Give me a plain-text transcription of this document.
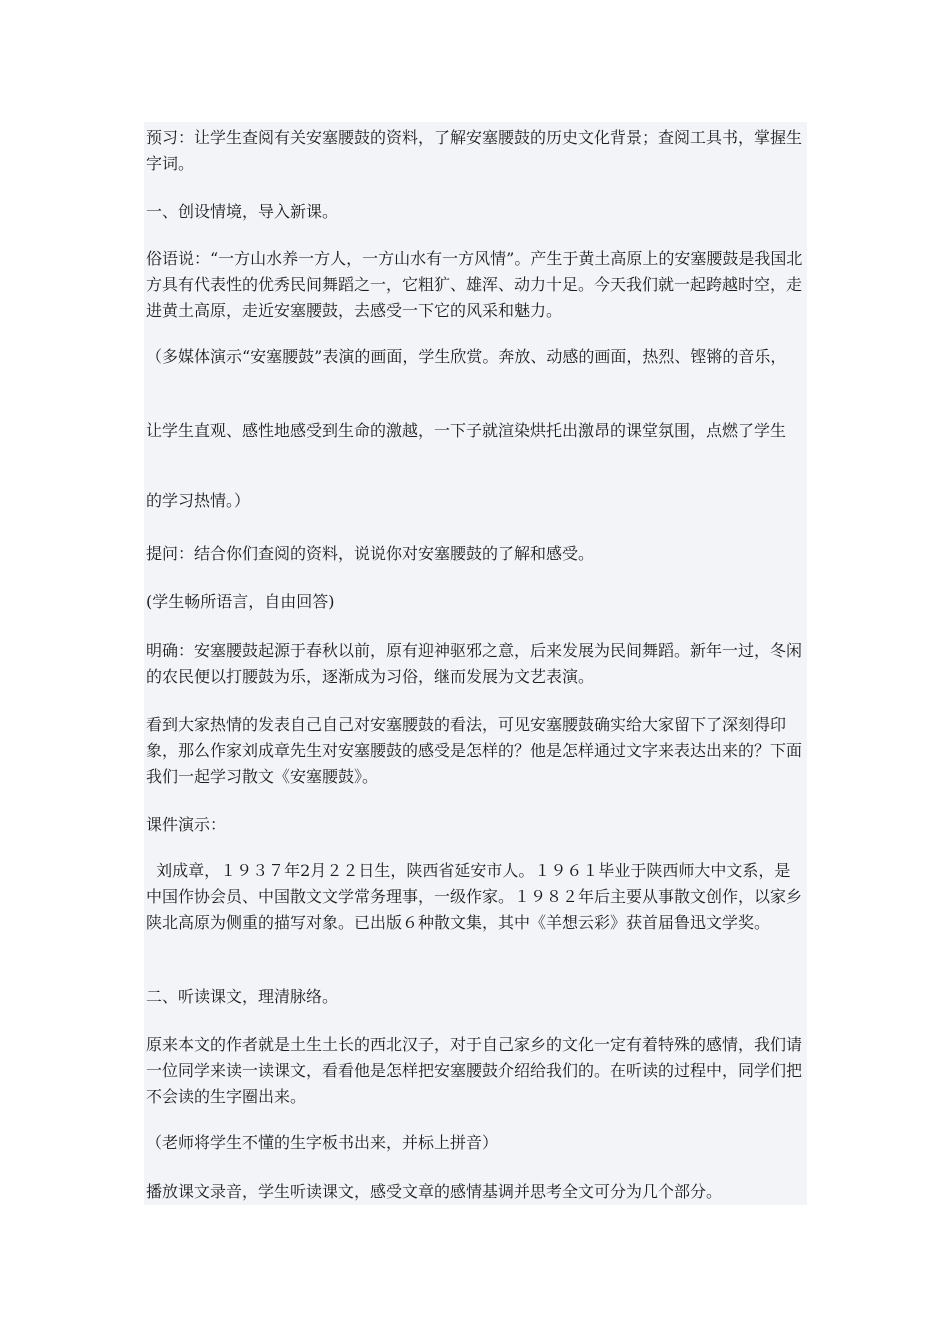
预习：让学生查阅有关安塞腰鼓的资料，了解安塞腰鼓的历史文化背景；查阅工具书，掌握生字词。

一、创设情境，导入新课。

俗语说：“一方山水养一方人，一方山水有一方风情”。产生于黄土高原上的安塞腰鼓是我国北方具有代表性的优秀民间舞蹈之一，它粗犷、雄浑、动力十足。今天我们就一起跨越时空，走进黄土高原，走近安塞腰鼓，去感受一下它的风采和魅力。

（多媒体演示“安塞腰鼓”表演的画面，学生欣赏。奔放、动感的画面，热烈、铿锵的音乐，

让学生直观、感性地感受到生命的激越，一下子就渲染烘托出激昂的课堂氛围，点燃了学生

的学习热情。）

提问：结合你们查阅的资料，说说你对安塞腰鼓的了解和感受。

(学生畅所语言，自由回答)

明确：安塞腰鼓起源于春秋以前，原有迎神驱邪之意，后来发展为民间舞蹈。新年一过，冬闲的农民便以打腰鼓为乐，逐渐成为习俗，继而发展为文艺表演。

看到大家热情的发表自己自己对安塞腰鼓的看法，可见安塞腰鼓确实给大家留下了深刻得印象，那么作家刘成章先生对安塞腰鼓的感受是怎样的？他是怎样通过文字来表达出来的？下面我们一起学习散文《安塞腰鼓》。

课件演示：

刘成章，１９３７年2月２２日生，陕西省延安市人。１９６１毕业于陕西师大中文系，是中国作协会员、中国散文文学常务理事，一级作家。１９８２年后主要从事散文创作，以家乡陕北高原为侧重的描写对象。已出版６种散文集，其中《羊想云彩》获首届鲁迅文学奖。

二、听读课文，理清脉络。

原来本文的作者就是土生土长的西北汉子，对于自己家乡的文化一定有着特殊的感情，我们请一位同学来读一读课文，看看他是怎样把安塞腰鼓介绍给我们的。在听读的过程中，同学们把不会读的生字圈出来。

（老师将学生不懂的生字板书出来，并标上拼音）

播放课文录音，学生听读课文，感受文章的感情基调并思考全文可分为几个部分。
